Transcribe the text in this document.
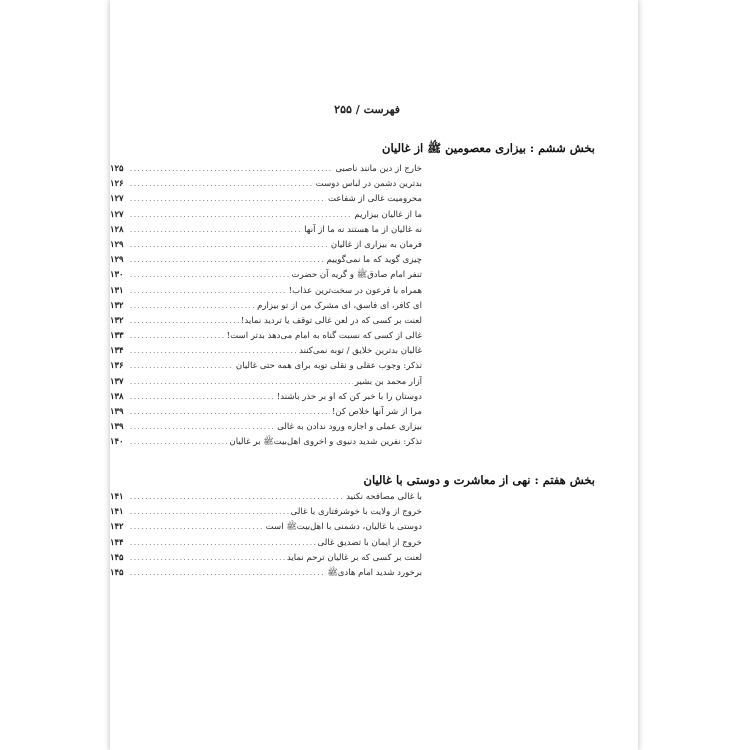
فهرست / ۲۵۵
بخش ششم : بیزاری معصومین ﷺ از غالیان
خارج از دین مانند ناصبی
.....
۱۲۵
بدترین دشمن در لباس دوست
.....
۱۲۶
محرومیت غالی از شفاعت
.....
۱۲۷
ما از غالیان بیزاریم
.....
۱۲۷
نه غالیان از ما هستند نه ما از آنها
.....
۱۲۸
فرمان به بیزاری از غالیان
.....
۱۲۹
چیزی گوید که ما نمی‌گوییم
.....
۱۲۹
تنفر امام صادقﷺ و گریه آن حضرت
.....
۱۳۰
همراه با فرعون در سخت‌ترین عذاب!
.....
۱۳۱
ای کافر، ای فاسق، ای مشرک من از تو بیزارم
.....
۱۳۲
لعنت بر کسی که در لعن غالی توقف یا تردید نماید!
.....
۱۳۲
غالی از کسی که نسبت گناه به امام می‌دهد بدتر است!
.....
۱۳۳
غالیان بدترین خلایق / توبه نمی‌کنند
.....
۱۳۴
تذکر: وجوب عقلی و نقلی توبه برای همه حتی غالیان
.....
۱۳۶
آزار محمد بن بشیر
.....
۱۳۷
دوستان را با خبر کن که او بر حذر باشند!
.....
۱۳۸
مرا از شر آنها خلاص کن!
.....
۱۳۹
بیزاری عملی و اجازه ورود ندادن به غالی
.....
۱۳۹
تذکر: نفرین شدید دنیوی و اخروی اهل‌بیتﷺ بر غالیان
.....
۱۴۰
بخش هفتم : نهی از معاشرت و دوستی با غالیان
با غالی مصافحه نکنید
.....
۱۴۱
خروج از ولایت با خوشرفتاری با غالی
.....
۱۴۱
دوستی با غالیان، دشمنی با اهل‌بیتﷺ است
.....
۱۴۲
خروج از ایمان با تصدیق غالی
.....
۱۴۴
لعنت بر کسی که بر غالیان ترحم نماید
.....
۱۴۵
برخورد شدید امام هادیﷺ
.....
۱۴۵
